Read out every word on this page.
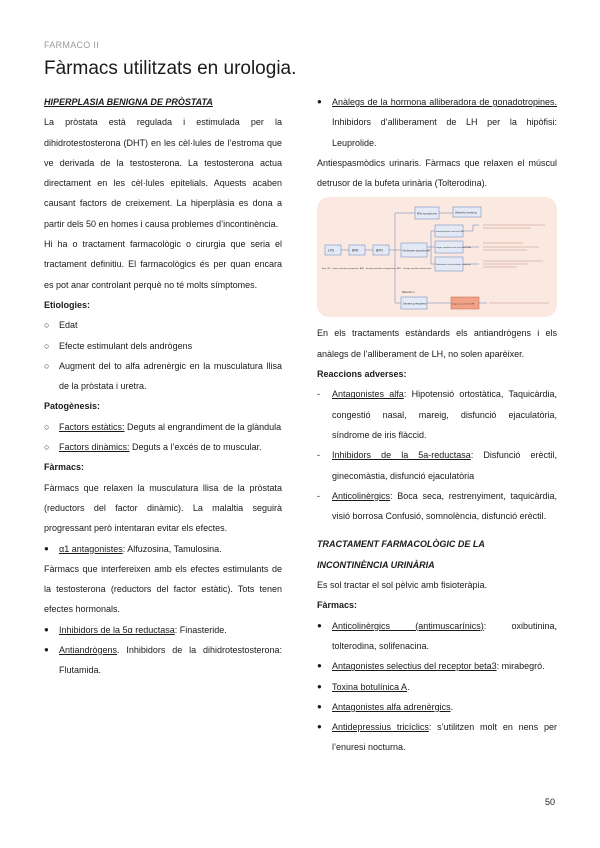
FARMACO II
Fàrmacs utilitzats en urologia.

HIPERPLASIA BENIGNA DE PRÒSTATA

La pròstata està regulada i estimulada per la dihidrotestosterona (DHT) en les cèl·lules de l’estroma que ve derivada de la testosterona. La testosterona actua directament en les cèl·lules epitelials. Aquests acaben causant factors de creixement. La hiperplàsia es dona a partir dels 50 en homes i causa problemes d’incontinència.

Hi ha o tractament farmacològic o cirurgia que seria el tractament definitiu. El farmacològics és per quan encara es pot anar controlant perquè no té molts símptomes.

Etiologies:

○ Edat
○ Efecte estimulant dels andrògens
○ Augment del to alfa adrenèrgic en la musculatura llisa de la pròstata i uretra.

Patogènesis:

○ Factors estàtics: Deguts al engrandiment de la glàndula
○ Factors dinàmics: Deguts a l’excés de to muscular.

Fàrmacs:

Fàrmacs que relaxen la musculatura llisa de la pròstata (reductors del factor dinàmic). La malaltia seguirà progressant però intentaran evitar els efectes.

● α1 antagonistes: Alfuzosina, Tamulosina.

Fàrmacs que interfereixen amb els efectes estimulants de la testosterona (reductors del factor estàtic). Tots tenen efectes hormonals.

● Inhibidors de la 5α reductasa: Finasteride.
● Antiandrògens. Inhibidors de la dihidrotestosterona: Flutamida.
● Anàlegs de la hormona alliberadora de gonadotropines. Inhibidors d’alliberament de LH per la hipòfisi: Leuprolide.

Antiespasmòdics urinaris. Fàrmacs que relaxen el múscul detrusor de la bufeta urinària (Tolterodina).

LPS	BPE	BPO	Moderate symptoms
Mild symptoms
Small prostate and low PSA
Larger prostate and increased PSA
Predominant irritative bladder symptoms
Severe symptoms
Retention
Watchful waiting
Surgery, resection of BPO
Key: LPS – lower prostatic symptoms; BPE – benign prostatic enlargement; BPO – benign prostatic obstruction

En els tractaments estàndards els antiandrògens i els anàlegs de l’alliberament de LH, no solen aparèixer.

Reaccions adverses:

- Antagonistes alfa: Hipotensió ortostàtica, Taquicàrdia, congestió nasal, mareig, disfunció ejaculatòria, síndrome de iris flàccid.
- Inhibidors de la 5a-reductasa: Disfunció erèctil, ginecomàstia, disfunció ejaculatòria
- Anticolinèrgics: Boca seca, restrenyiment, taquicàrdia, visió borrosa Confusió, somnolència, disfunció erèctil.

TRACTAMENT FARMACOLÒGIC DE LA INCONTINÈNCIA URINÀRIA

Es sol tractar el sol pèlvic amb fisioteràpia.

Fàrmacs:

● Anticolinèrgics (antimuscarínics): oxibutinina, tolterodina, solifenacina.
● Antagonistes selectius del receptor beta3: mirabegró.
● Toxina botulínica A.
● Antagonistes alfa adrenèrgics.
● Antidepressius tricíclics: s’utilitzen molt en nens per l’enuresi nocturna.
50
